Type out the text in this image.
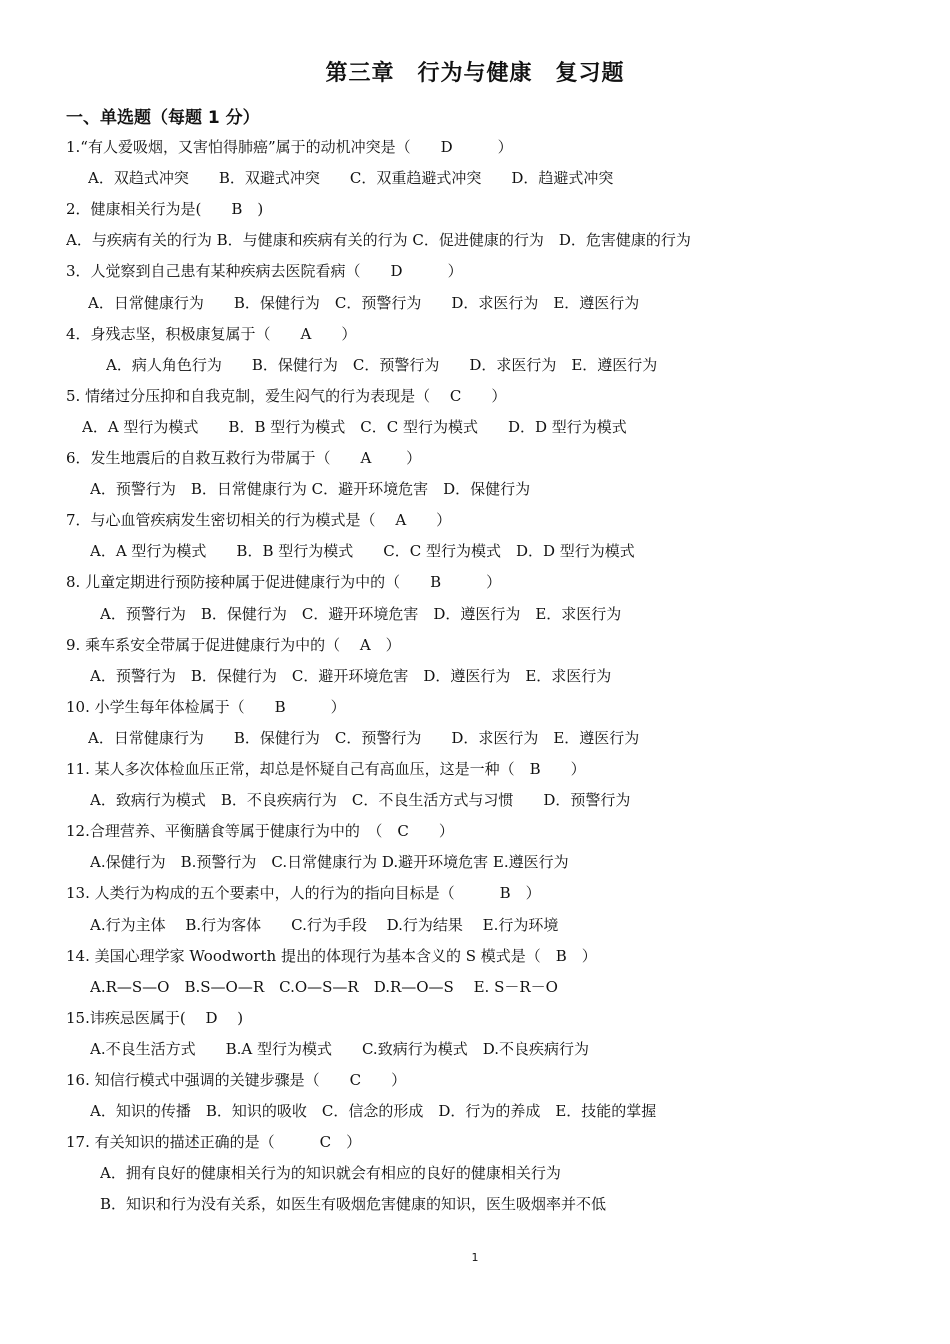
第三章　行为与健康　复习题
一、单选题（每题 1 分）
1.“有人爱吸烟，又害怕得肺癌”属于的动机冲突是（　　D　　　）
A．双趋式冲突　　B．双避式冲突　　C．双重趋避式冲突　　D．趋避式冲突
2．健康相关行为是(　　B　)
A．与疾病有关的行为 B．与健康和疾病有关的行为 C．促进健康的行为　D．危害健康的行为
3．人觉察到自己患有某种疾病去医院看病（　　D　　　）
A．日常健康行为　　B．保健行为　C．预警行为　　D．求医行为　E．遵医行为
4．身残志坚，积极康复属于（　　A　　）
A．病人角色行为　　B．保健行为　C．预警行为　　D．求医行为　E．遵医行为
5. 情绪过分压抑和自我克制，爱生闷气的行为表现是（　 C　　）
A．A 型行为模式　　B．B 型行为模式　C．C 型行为模式　　D．D 型行为模式
6．发生地震后的自救互救行为带属于（　　A　　 ）
A．预警行为　B．日常健康行为 C．避开环境危害　D．保健行为
7．与心血管疾病发生密切相关的行为模式是（　 A　　）
A．A 型行为模式　　B．B 型行为模式　　C．C 型行为模式　D．D 型行为模式
8. 儿童定期进行预防接种属于促进健康行为中的（　　B　　　）
A．预警行为　B．保健行为　C．避开环境危害　D．遵医行为　E．求医行为
9. 乘车系安全带属于促进健康行为中的（　 A　）
A．预警行为　B．保健行为　C．避开环境危害　D．遵医行为　E．求医行为
10. 小学生每年体检属于（　　B　　　）
A．日常健康行为　　B．保健行为　C．预警行为　　D．求医行为　E．遵医行为
11. 某人多次体检血压正常，却总是怀疑自己有高血压，这是一种（　B　　）
A．致病行为模式　B．不良疾病行为　C．不良生活方式与习惯　　D．预警行为
12.合理营养、平衡膳食等属于健康行为中的　（　C　　）
A.保健行为　B.预警行为　C.日常健康行为 D.避开环境危害 E.遵医行为
13. 人类行为构成的五个要素中，人的行为的指向目标是（　　　B　）
A.行为主体　 B.行为客体　　C.行为手段　 D.行为结果　 E.行为环境
14. 美国心理学家 Woodworth 提出的体现行为基本含义的 S 模式是（　B　）
A.R—S—O　B.S—O—R　C.O—S—R　D.R—O—S　 E. S－R－O
15.讳疾忌医属于(　 D　 )
A.不良生活方式　　B.A 型行为模式　　C.致病行为模式　D.不良疾病行为
16. 知信行模式中强调的关键步骤是（　　C　　）
A．知识的传播　B．知识的吸收　C．信念的形成　D．行为的养成　E．技能的掌握
17. 有关知识的描述正确的是（　　　C　）
A．拥有良好的健康相关行为的知识就会有相应的良好的健康相关行为
B．知识和行为没有关系，如医生有吸烟危害健康的知识，医生吸烟率并不低
1
